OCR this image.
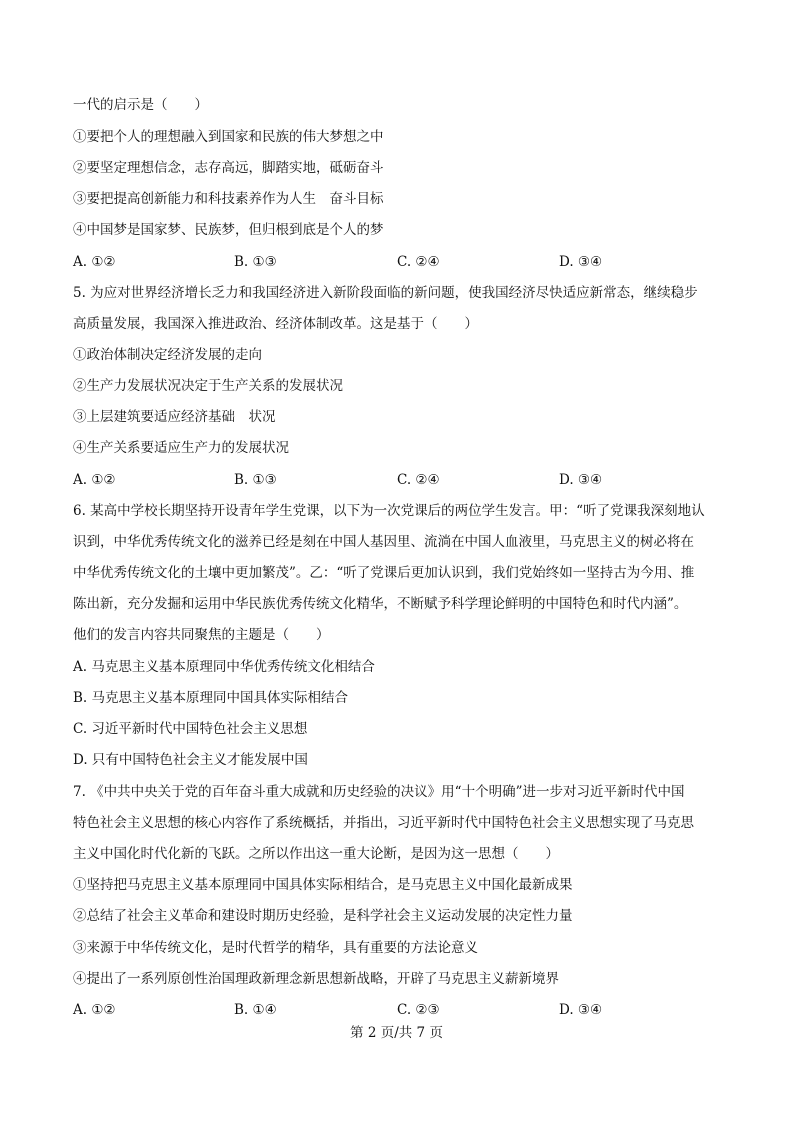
一代的启示是（　　）
①要把个人的理想融入到国家和民族的伟大梦想之中
②要坚定理想信念，志存高远，脚踏实地，砥砺奋斗
③要把提高创新能力和科技素养作为人生　奋斗目标
④中国梦是国家梦、民族梦，但归根到底是个人的梦
A. ①②	B. ①③	C. ②④	D. ③④
5. 为应对世界经济增长乏力和我国经济进入新阶段面临的新问题，使我国经济尽快适应新常态，继续稳步
高质量发展，我国深入推进政治、经济体制改革。这是基于（　　）
①政治体制决定经济发展的走向
②生产力发展状况决定于生产关系的发展状况
③上层建筑要适应经济基础　状况
④生产关系要适应生产力的发展状况
A. ①②	B. ①③	C. ②④	D. ③④
6. 某高中学校长期坚持开设青年学生党课，以下为一次党课后的两位学生发言。甲：“听了党课我深刻地认
识到，中华优秀传统文化的滋养已经是刻在中国人基因里、流淌在中国人血液里，马克思主义的树必将在
中华优秀传统文化的土壤中更加繁茂”。乙：“听了党课后更加认识到，我们党始终如一坚持古为今用、推
陈出新，充分发掘和运用中华民族优秀传统文化精华，不断赋予科学理论鲜明的中国特色和时代内涵”。
他们的发言内容共同聚焦的主题是（　　）
A. 马克思主义基本原理同中华优秀传统文化相结合
B. 马克思主义基本原理同中国具体实际相结合
C. 习近平新时代中国特色社会主义思想
D. 只有中国特色社会主义才能发展中国
7. 《中共中央关于党的百年奋斗重大成就和历史经验的决议》用“十个明确”进一步对习近平新时代中国
特色社会主义思想的核心内容作了系统概括，并指出，习近平新时代中国特色社会主义思想实现了马克思
主义中国化时代化新的飞跃。之所以作出这一重大论断，是因为这一思想（　　）
①坚持把马克思主义基本原理同中国具体实际相结合，是马克思主义中国化最新成果
②总结了社会主义革命和建设时期历史经验，是科学社会主义运动发展的决定性力量
③来源于中华传统文化，是时代哲学的精华，具有重要的方法论意义
④提出了一系列原创性治国理政新理念新思想新战略，开辟了马克思主义薪新境界
A. ①②	B. ①④	C. ②③	D. ③④
第 2 页/共 7 页
